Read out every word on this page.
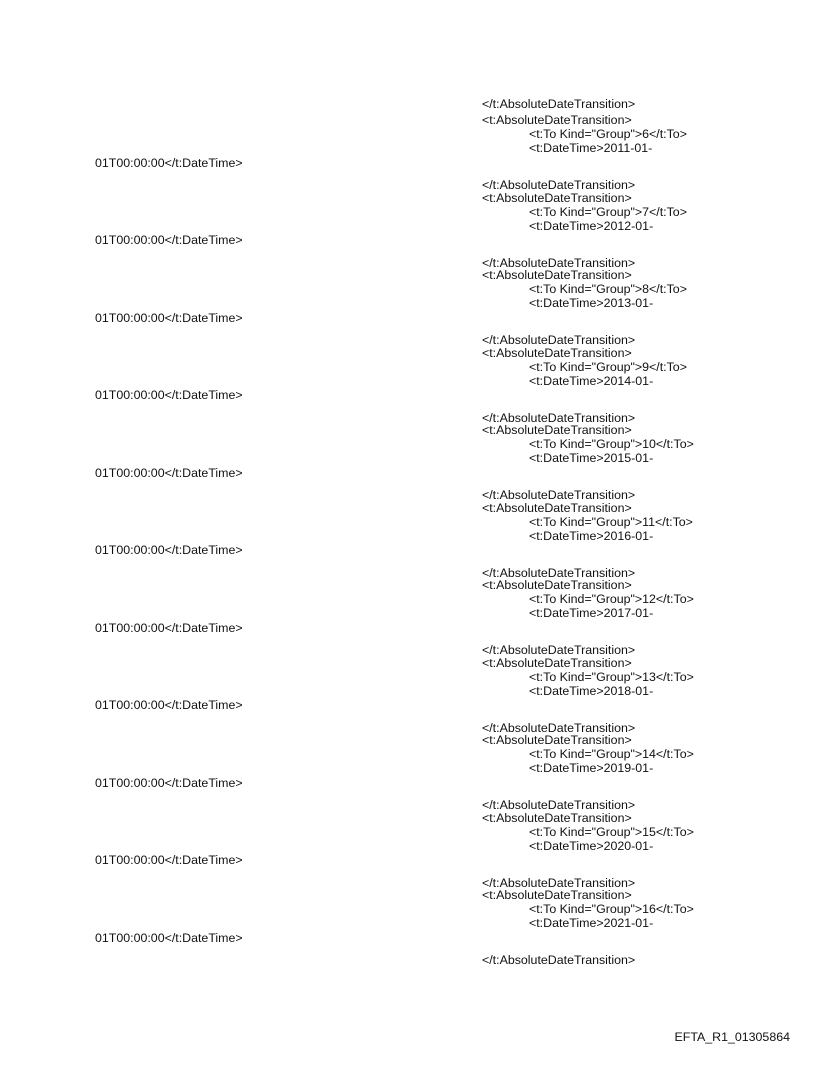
</t:AbsoluteDateTransition>
<t:AbsoluteDateTransition>
<t:To Kind="Group">6</t:To>
<t:DateTime>2011-01-
01T00:00:00</t:DateTime>
</t:AbsoluteDateTransition>
<t:AbsoluteDateTransition>
<t:To Kind="Group">7</t:To>
<t:DateTime>2012-01-
01T00:00:00</t:DateTime>
</t:AbsoluteDateTransition>
<t:AbsoluteDateTransition>
<t:To Kind="Group">8</t:To>
<t:DateTime>2013-01-
01T00:00:00</t:DateTime>
</t:AbsoluteDateTransition>
<t:AbsoluteDateTransition>
<t:To Kind="Group">9</t:To>
<t:DateTime>2014-01-
01T00:00:00</t:DateTime>
</t:AbsoluteDateTransition>
<t:AbsoluteDateTransition>
<t:To Kind="Group">10</t:To>
<t:DateTime>2015-01-
01T00:00:00</t:DateTime>
</t:AbsoluteDateTransition>
<t:AbsoluteDateTransition>
<t:To Kind="Group">11</t:To>
<t:DateTime>2016-01-
01T00:00:00</t:DateTime>
</t:AbsoluteDateTransition>
<t:AbsoluteDateTransition>
<t:To Kind="Group">12</t:To>
<t:DateTime>2017-01-
01T00:00:00</t:DateTime>
</t:AbsoluteDateTransition>
<t:AbsoluteDateTransition>
<t:To Kind="Group">13</t:To>
<t:DateTime>2018-01-
01T00:00:00</t:DateTime>
</t:AbsoluteDateTransition>
<t:AbsoluteDateTransition>
<t:To Kind="Group">14</t:To>
<t:DateTime>2019-01-
01T00:00:00</t:DateTime>
</t:AbsoluteDateTransition>
<t:AbsoluteDateTransition>
<t:To Kind="Group">15</t:To>
<t:DateTime>2020-01-
01T00:00:00</t:DateTime>
</t:AbsoluteDateTransition>
<t:AbsoluteDateTransition>
<t:To Kind="Group">16</t:To>
<t:DateTime>2021-01-
01T00:00:00</t:DateTime>
</t:AbsoluteDateTransition>
EFTA_R1_01305864
